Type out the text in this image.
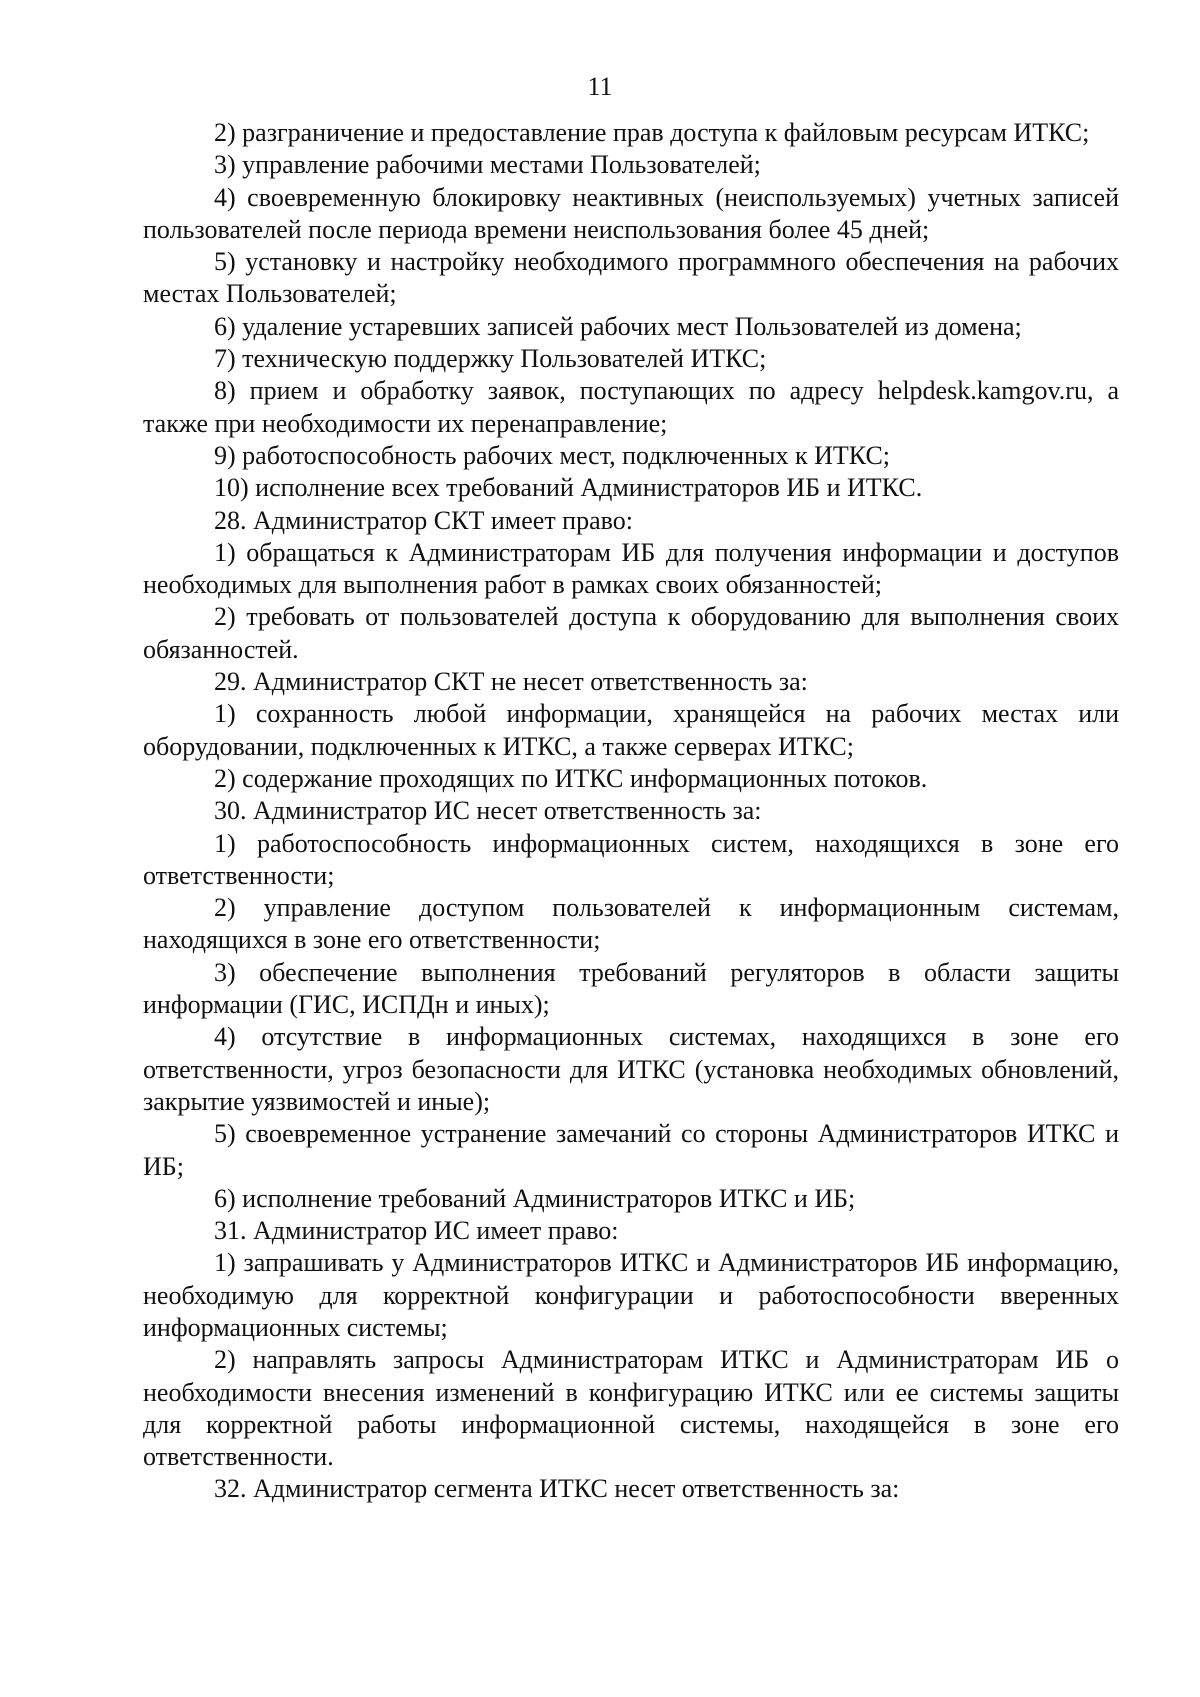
11

2) разграничение и предоставление прав доступа к файловым ресурсам ИТКС;

3) управление рабочими местами Пользователей;

4) своевременную блокировку неактивных (неиспользуемых) учетных записей пользователей после периода времени неиспользования более 45 дней;

5) установку и настройку необходимого программного обеспечения на рабочих местах Пользователей;

6) удаление устаревших записей рабочих мест Пользователей из домена;

7) техническую поддержку Пользователей ИТКС;

8) прием и обработку заявок, поступающих по адресу helpdesk.kamgov.ru, а также при необходимости их перенаправление;

9) работоспособность рабочих мест, подключенных к ИТКС;

10) исполнение всех требований Администраторов ИБ и ИТКС.

28. Администратор СКТ имеет право:

1) обращаться к Администраторам ИБ для получения информации и доступов необходимых для выполнения работ в рамках своих обязанностей;

2) требовать от пользователей доступа к оборудованию для выполнения своих обязанностей.

29. Администратор СКТ не несет ответственность за:

1) сохранность любой информации, хранящейся на рабочих местах или оборудовании, подключенных к ИТКС, а также серверах ИТКС;

2) содержание проходящих по ИТКС информационных потоков.

30. Администратор ИС несет ответственность за:

1) работоспособность информационных систем, находящихся в зоне его ответственности;

2) управление доступом пользователей к информационным системам, находящихся в зоне его ответственности;

3) обеспечение выполнения требований регуляторов в области защиты информации (ГИС, ИСПДн и иных);

4) отсутствие в информационных системах, находящихся в зоне его ответственности, угроз безопасности для ИТКС (установка необходимых обновлений, закрытие уязвимостей и иные);

5) своевременное устранение замечаний со стороны Администраторов ИТКС и ИБ;

6) исполнение требований Администраторов ИТКС и ИБ;

31. Администратор ИС имеет право:

1) запрашивать у Администраторов ИТКС и Администраторов ИБ информацию, необходимую для корректной конфигурации и работоспособности вверенных информационных системы;

2) направлять запросы Администраторам ИТКС и Администраторам ИБ о необходимости внесения изменений в конфигурацию ИТКС или ее системы защиты для корректной работы информационной системы, находящейся в зоне его ответственности.

32. Администратор сегмента ИТКС несет ответственность за:
